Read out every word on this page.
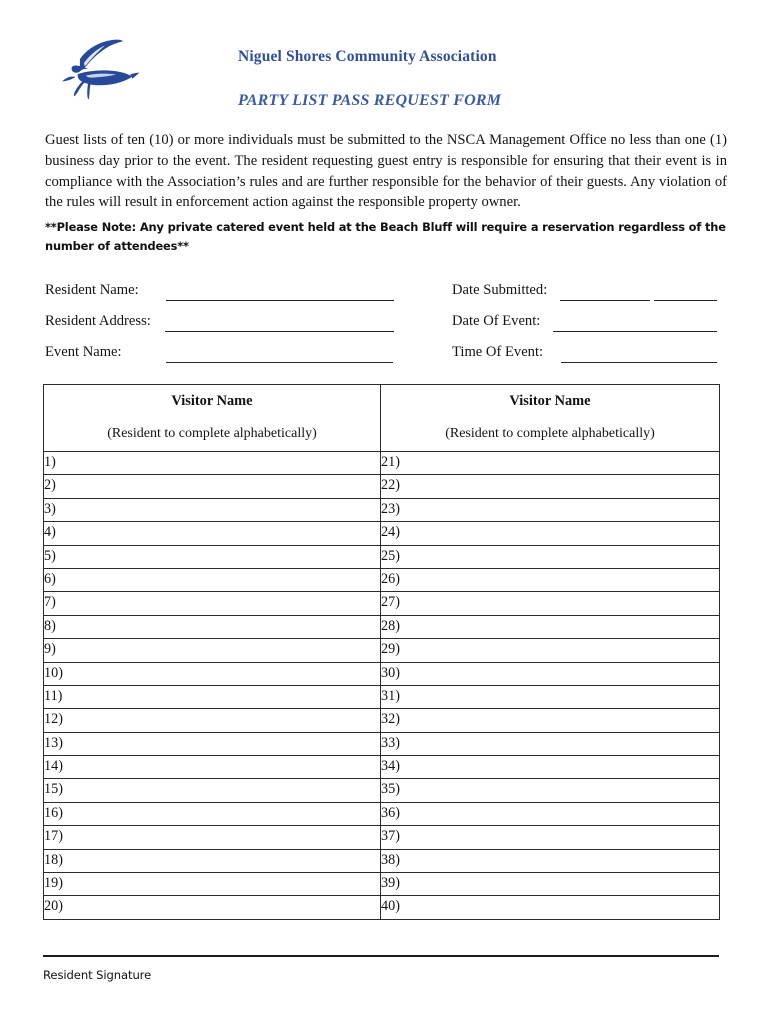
Niguel Shores Community Association
PARTY LIST PASS REQUEST FORM
Guest lists of ten (10) or more individuals must be submitted to the NSCA Management Office no less than one (1) business day prior to the event. The resident requesting guest entry is responsible for ensuring that their event is in compliance with the Association’s rules and are further responsible for the behavior of their guests. Any violation of the rules will result in enforcement action against the responsible property owner.
**Please Note: Any private catered event held at the Beach Bluff will require a reservation regardless of the number of attendees**
Resident Name:	Date Submitted:
Resident Address:	Date Of Event:
Event Name:	Time Of Event:
Visitor Name
(Resident to complete alphabetically)

Visitor Name
(Resident to complete alphabetically)

1)	21)
2)	22)
3)	23)
4)	24)
5)	25)
6)	26)
7)	27)
8)	28)
9)	29)
10)	30)
11)	31)
12)	32)
13)	33)
14)	34)
15)	35)
16)	36)
17)	37)
18)	38)
19)	39)
20)	40)
Resident Signature
